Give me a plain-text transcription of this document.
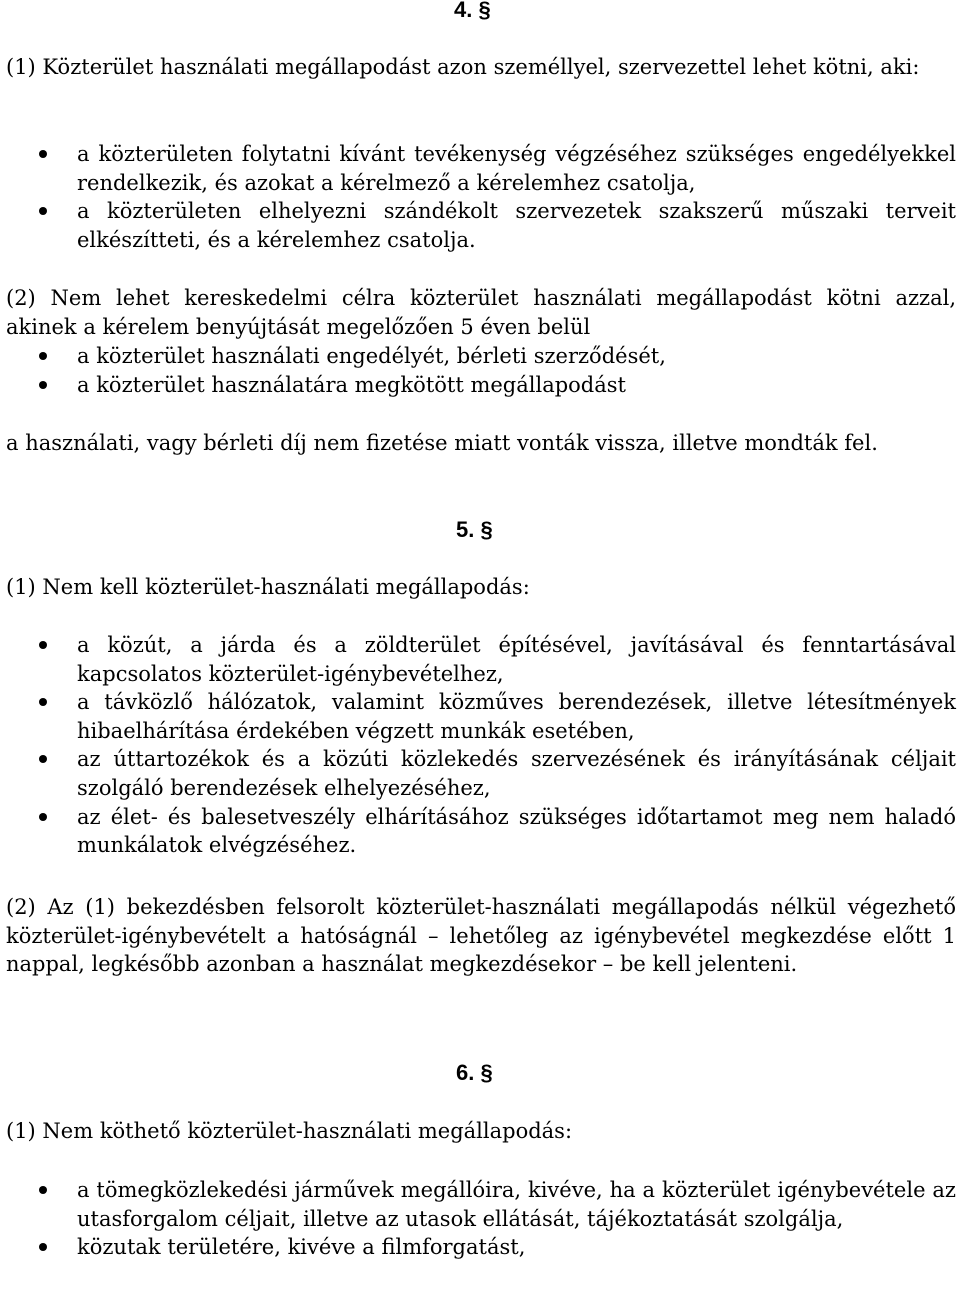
4. §
(1) Közterület használati megállapodást azon személlyel, szervezettel lehet kötni, aki:
a közterületen folytatni kívánt tevékenység végzéséhez szükséges engedélyekkel rendelkezik, és azokat a kérelmező a kérelemhez csatolja,
a közterületen elhelyezni szándékolt szervezetek szakszerű műszaki terveit elkészítteti, és a kérelemhez csatolja.
(2) Nem lehet kereskedelmi célra közterület használati megállapodást kötni azzal, akinek a kérelem benyújtását megelőzően 5 éven belül
a közterület használati engedélyét, bérleti szerződését,
a közterület használatára megkötött megállapodást
a használati, vagy bérleti díj nem fizetése miatt vonták vissza, illetve mondták fel.
5. §
(1) Nem kell közterület-használati megállapodás:
a közút, a járda és a zöldterület építésével, javításával és fenntartásával kapcsolatos közterület-igénybevételhez,
a távközlő hálózatok, valamint közműves berendezések, illetve létesítmények hibaelhárítása érdekében végzett munkák esetében,
az úttartozékok és a közúti közlekedés szervezésének és irányításának céljait szolgáló berendezések elhelyezéséhez,
az élet- és balesetveszély elhárításához szükséges időtartamot meg nem haladó munkálatok elvégzéséhez.
(2) Az (1) bekezdésben felsorolt közterület-használati megállapodás nélkül végezhető közterület-igénybevételt a hatóságnál – lehetőleg az igénybevétel megkezdése előtt 1 nappal, legkésőbb azonban a használat megkezdésekor – be kell jelenteni.
6. §
(1) Nem köthető közterület-használati megállapodás:
a tömegközlekedési járművek megállóira, kivéve, ha a közterület igénybevétele az utasforgalom céljait, illetve az utasok ellátását, tájékoztatását szolgálja,
közutak területére, kivéve a filmforgatást,
